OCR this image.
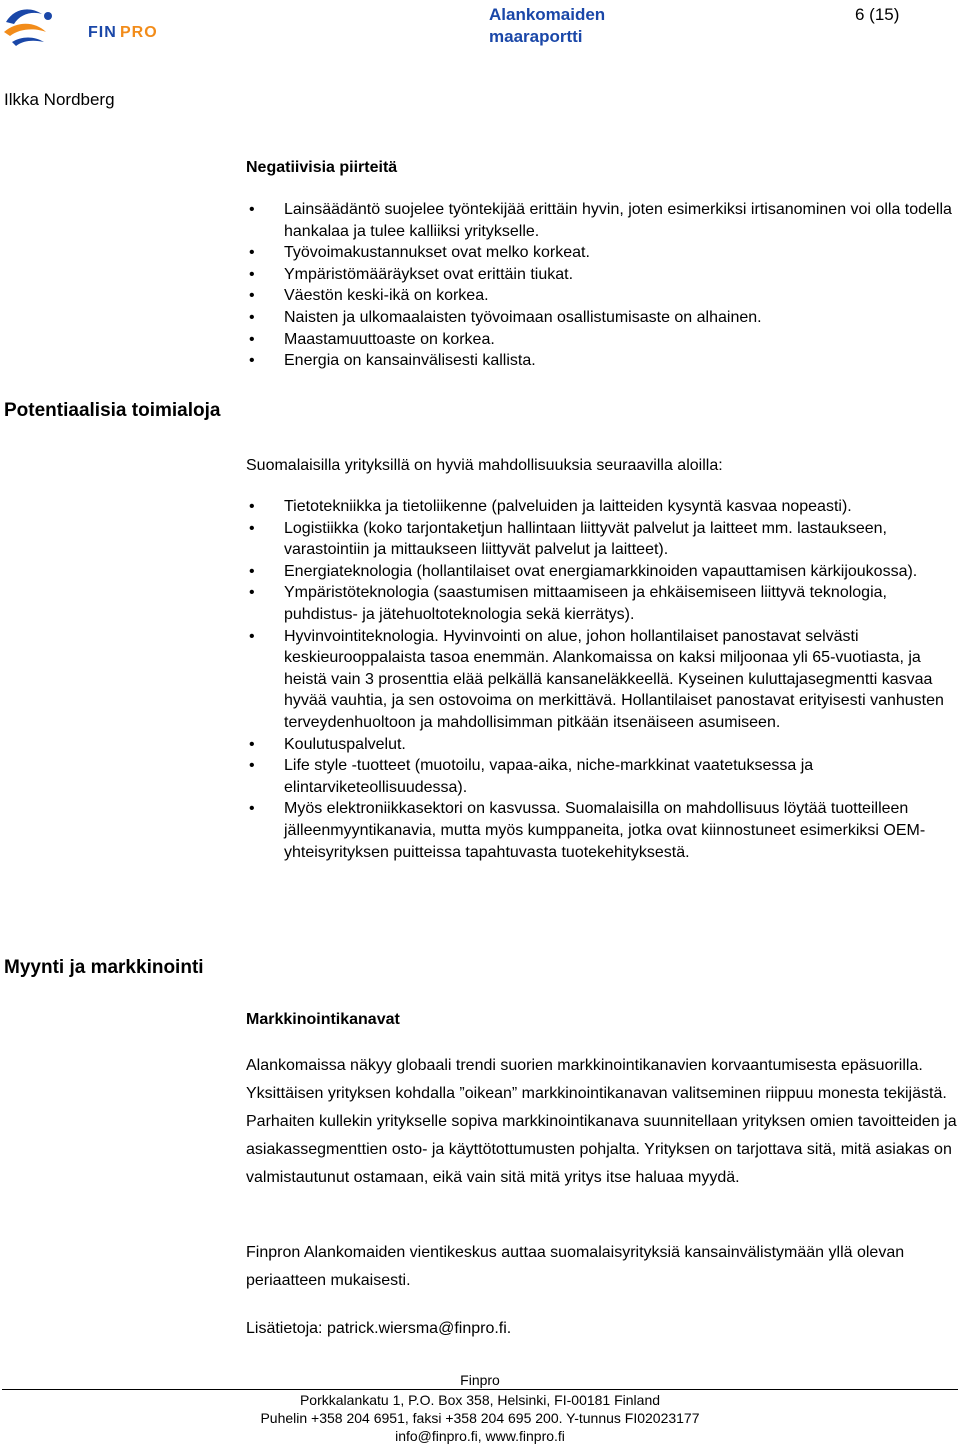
FIN PRO
Alankomaiden maaraportti
6 (15)
Ilkka Nordberg
Negatiivisia piirteitä
• Lainsäädäntö suojelee työntekijää erittäin hyvin, joten esimerkiksi irtisanominen voi olla todella hankalaa ja tulee kalliiksi yritykselle.
• Työvoimakustannukset ovat melko korkeat.
• Ympäristömääräykset ovat erittäin tiukat.
• Väestön keski-ikä on korkea.
• Naisten ja ulkomaalaisten työvoimaan osallistumisaste on alhainen.
• Maastamuuttoaste on korkea.
• Energia on kansainvälisesti kallista.
Potentiaalisia toimialoja
Suomalaisilla yrityksillä on hyviä mahdollisuuksia seuraavilla aloilla:
• Tietotekniikka ja tietoliikenne (palveluiden ja laitteiden kysyntä kasvaa nopeasti).
• Logistiikka (koko tarjontaketjun hallintaan liittyvät palvelut ja laitteet mm. lastaukseen, varastointiin ja mittaukseen liittyvät palvelut ja laitteet).
• Energiateknologia (hollantilaiset ovat energiamarkkinoiden vapauttamisen kärkijoukossa).
• Ympäristöteknologia (saastumisen mittaamiseen ja ehkäisemiseen liittyvä teknologia, puhdistus- ja jätehuoltoteknologia sekä kierrätys).
• Hyvinvointiteknologia. Hyvinvointi on alue, johon hollantilaiset panostavat selvästi keskieurooppalaista tasoa enemmän. Alankomaissa on kaksi miljoonaa yli 65-vuotiasta, ja heistä vain 3 prosenttia elää pelkällä kansaneläkkeellä. Kyseinen kuluttajasegmentti kasvaa hyvää vauhtia, ja sen ostovoima on merkittävä. Hollantilaiset panostavat erityisesti vanhusten terveydenhuoltoon ja mahdollisimman pitkään itsenäiseen asumiseen.
• Koulutuspalvelut.
• Life style -tuotteet (muotoilu, vapaa-aika, niche-markkinat vaatetuksessa ja elintarviketeollisuudessa).
• Myös elektroniikkasektori on kasvussa. Suomalaisilla on mahdollisuus löytää tuotteilleen jälleenmyyntikanavia, mutta myös kumppaneita, jotka ovat kiinnostuneet esimerkiksi OEM-yhteisyrityksen puitteissa tapahtuvasta tuotekehityksestä.
Myynti ja markkinointi
Markkinointikanavat
Alankomaissa näkyy globaali trendi suorien markkinointikanavien korvaantumisesta epäsuorilla. Yksittäisen yrityksen kohdalla ”oikean” markkinointikanavan valitseminen riippuu monesta tekijästä. Parhaiten kullekin yritykselle sopiva markkinointikanava suunnitellaan yrityksen omien tavoitteiden ja asiakassegmenttien osto- ja käyttötottumusten pohjalta. Yrityksen on tarjottava sitä, mitä asiakas on valmistautunut ostamaan, eikä vain sitä mitä yritys itse haluaa myydä.
Finpron Alankomaiden vientikeskus auttaa suomalaisyrityksiä kansainvälistymään yllä olevan periaatteen mukaisesti.
Lisätietoja: patrick.wiersma@finpro.fi.
Finpro
Porkkalankatu 1, P.O. Box 358, Helsinki, FI-00181 Finland
Puhelin +358 204 6951, faksi +358 204 695 200. Y-tunnus FI02023177
info@finpro.fi, www.finpro.fi
